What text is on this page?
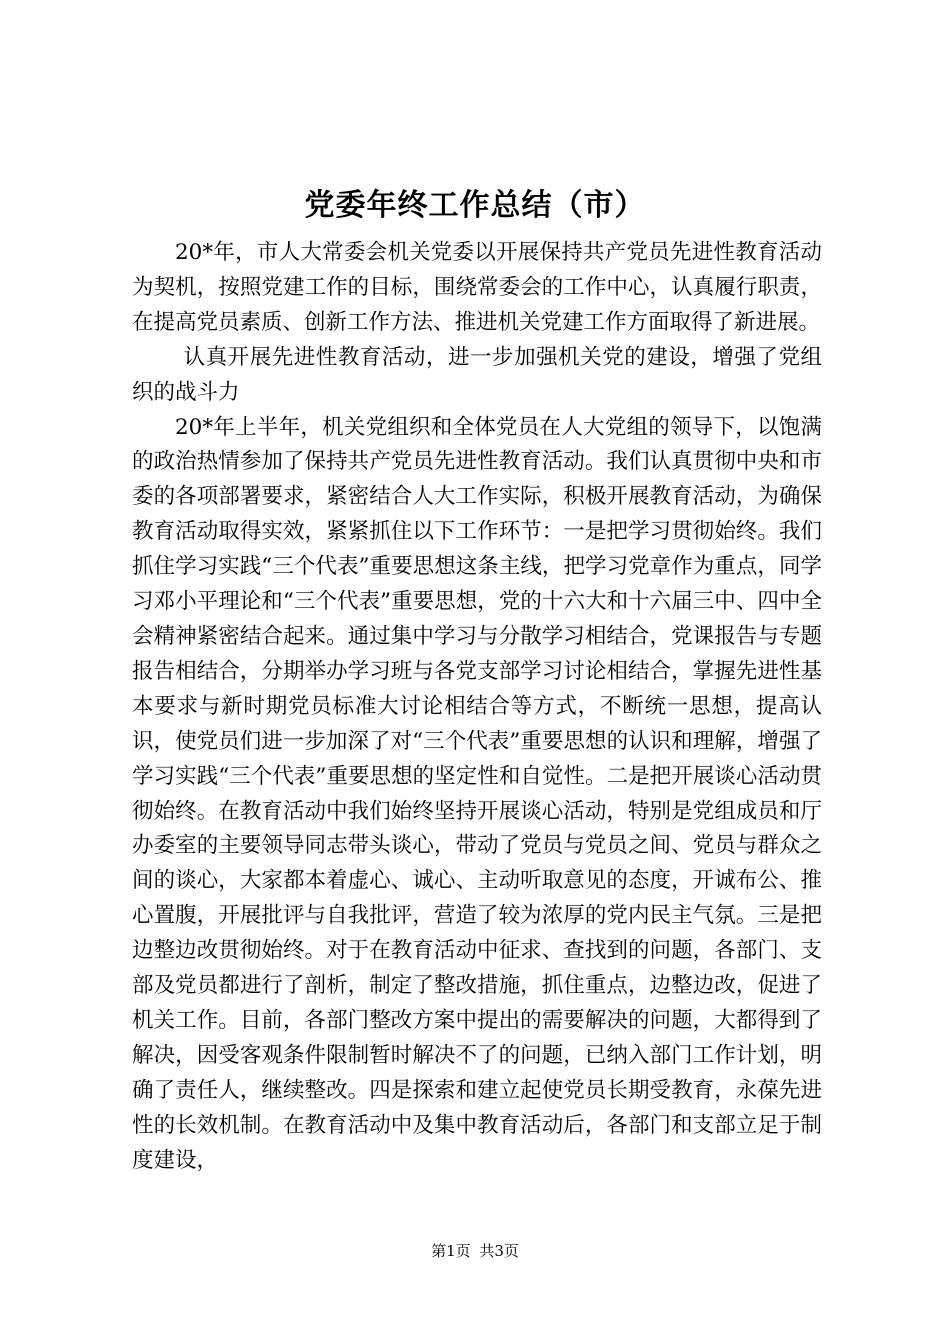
党委年终工作总结（市）

20*年，市人大常委会机关党委以开展保持共产党员先进性教育活动为契机，按照党建工作的目标，围绕常委会的工作中心，认真履行职责，在提高党员素质、创新工作方法、推进机关党建工作方面取得了新进展。

认真开展先进性教育活动，进一步加强机关党的建设，增强了党组织的战斗力

20*年上半年，机关党组织和全体党员在人大党组的领导下，以饱满的政治热情参加了保持共产党员先进性教育活动。我们认真贯彻中央和市委的各项部署要求，紧密结合人大工作实际，积极开展教育活动，为确保教育活动取得实效，紧紧抓住以下工作环节：一是把学习贯彻始终。我们抓住学习实践“三个代表”重要思想这条主线，把学习党章作为重点，同学习邓小平理论和“三个代表”重要思想，党的十六大和十六届三中、四中全会精神紧密结合起来。通过集中学习与分散学习相结合，党课报告与专题报告相结合，分期举办学习班与各党支部学习讨论相结合，掌握先进性基本要求与新时期党员标准大讨论相结合等方式，不断统一思想，提高认识，使党员们进一步加深了对“三个代表”重要思想的认识和理解，增强了学习实践“三个代表”重要思想的坚定性和自觉性。二是把开展谈心活动贯彻始终。在教育活动中我们始终坚持开展谈心活动，特别是党组成员和厅办委室的主要领导同志带头谈心，带动了党员与党员之间、党员与群众之间的谈心，大家都本着虚心、诚心、主动听取意见的态度，开诚布公、推心置腹，开展批评与自我批评，营造了较为浓厚的党内民主气氛。三是把边整边改贯彻始终。对于在教育活动中征求、查找到的问题，各部门、支部及党员都进行了剖析，制定了整改措施，抓住重点，边整边改，促进了机关工作。目前，各部门整改方案中提出的需要解决的问题，大都得到了解决，因受客观条件限制暂时解决不了的问题，已纳入部门工作计划，明确了责任人，继续整改。四是探索和建立起使党员长期受教育，永葆先进性的长效机制。在教育活动中及集中教育活动后，各部门和支部立足于制度建设，

第1页 共3页
